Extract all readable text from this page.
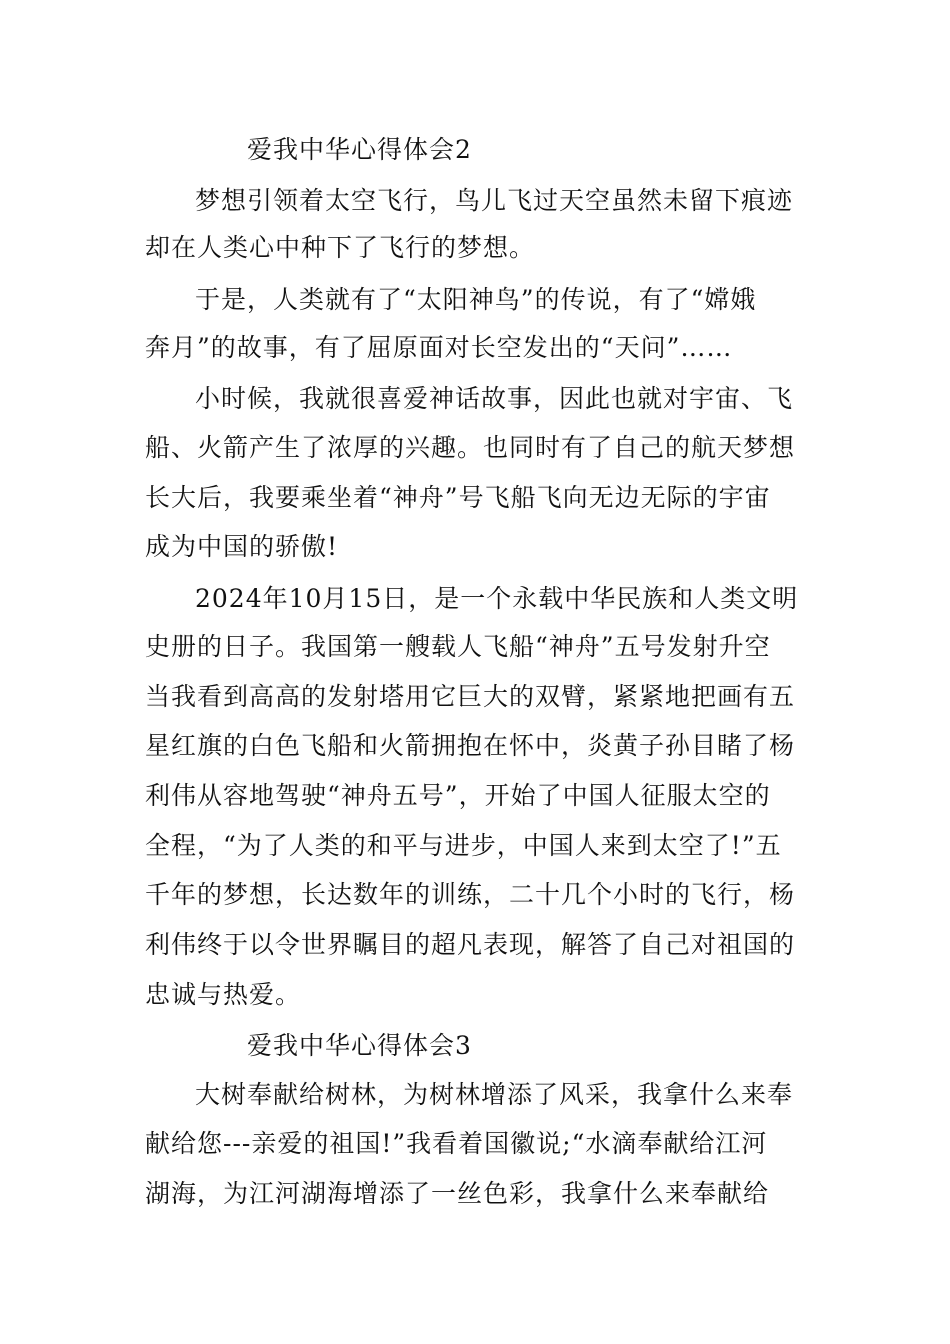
爱我中华心得体会2
梦想引领着太空飞行，鸟儿飞过天空虽然未留下痕迹
却在人类心中种下了飞行的梦想。
于是，人类就有了“太阳神鸟”的传说，有了“嫦娥
奔月”的故事，有了屈原面对长空发出的“天问”……
小时候，我就很喜爱神话故事，因此也就对宇宙、飞
船、火箭产生了浓厚的兴趣。也同时有了自己的航天梦想
长大后，我要乘坐着“神舟”号飞船飞向无边无际的宇宙
成为中国的骄傲!
2024年10月15日，是一个永载中华民族和人类文明
史册的日子。我国第一艘载人飞船“神舟”五号发射升空
当我看到高高的发射塔用它巨大的双臂，紧紧地把画有五
星红旗的白色飞船和火箭拥抱在怀中，炎黄子孙目睹了杨
利伟从容地驾驶“神舟五号”，开始了中国人征服太空的
全程，“为了人类的和平与进步，中国人来到太空了!”五
千年的梦想，长达数年的训练，二十几个小时的飞行，杨
利伟终于以令世界瞩目的超凡表现，解答了自己对祖国的
忠诚与热爱。
爱我中华心得体会3
大树奉献给树林，为树林增添了风采，我拿什么来奉
献给您---亲爱的祖国!”我看着国徽说;“水滴奉献给江河
湖海，为江河湖海增添了一丝色彩，我拿什么来奉献给
